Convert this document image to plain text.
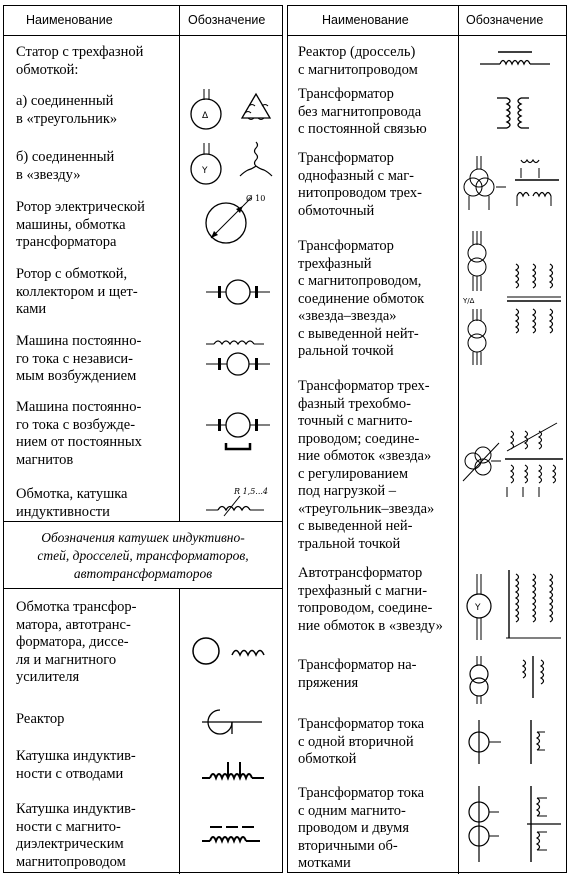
Наименование	Обозначение
Статор с трехфазной
обмоткой:
а) соединенный
в «треугольник»
б) соединенный
в «звезду»
Ротор электрической
машины, обмотка
трансформатора
Ротор с обмоткой,
коллектором и щет-
ками
Машина постоянно-
го тока с независи-
мым возбуждением
Машина постоянно-
го тока с возбужде-
нием от постоянных
магнитов
Обмотка, катушка
индуктивности
Δ
Y
Ø 10
R 1,5...4
Обозначения катушек индуктивно-
стей, дросселей, трансформаторов,
автотрансформаторов
Обмотка трансфор-
матора, автотранс-
форматора, диссе-
ля и магнитного
усилителя
Реактор
Катушка индуктив-
ности с отводами
Катушка индуктив-
ности с магнито-
диэлектрическим
магнитопроводом
Наименование	Обозначение
Реактор (дроссель)
с магнитопроводом
Трансформатор
без магнитопровода
с постоянной связью
Трансформатор
однофазный с маг-
нитопроводом трех-
обмоточный
Трансформатор
трехфазный
с магнитопроводом,
соединение обмоток
«звезда–звезда»
с выведенной нейт-
ральной точкой
Трансформатор трех-
фазный трехобмо-
точный с магнито-
проводом; соедине-
ние обмоток «звезда»
с регулированием
под нагрузкой –
«треугольник–звезда»
с выведенной ней-
тральной точкой
Автотрансформатор
трехфазный с магни-
топроводом, соедине-
ние обмоток в «звезду»
Трансформатор на-
пряжения
Трансформатор тока
с одной вторичной
обмоткой
Трансформатор тока
с одним магнито-
проводом и двумя
вторичными об-
мотками
Y/Δ
Y
